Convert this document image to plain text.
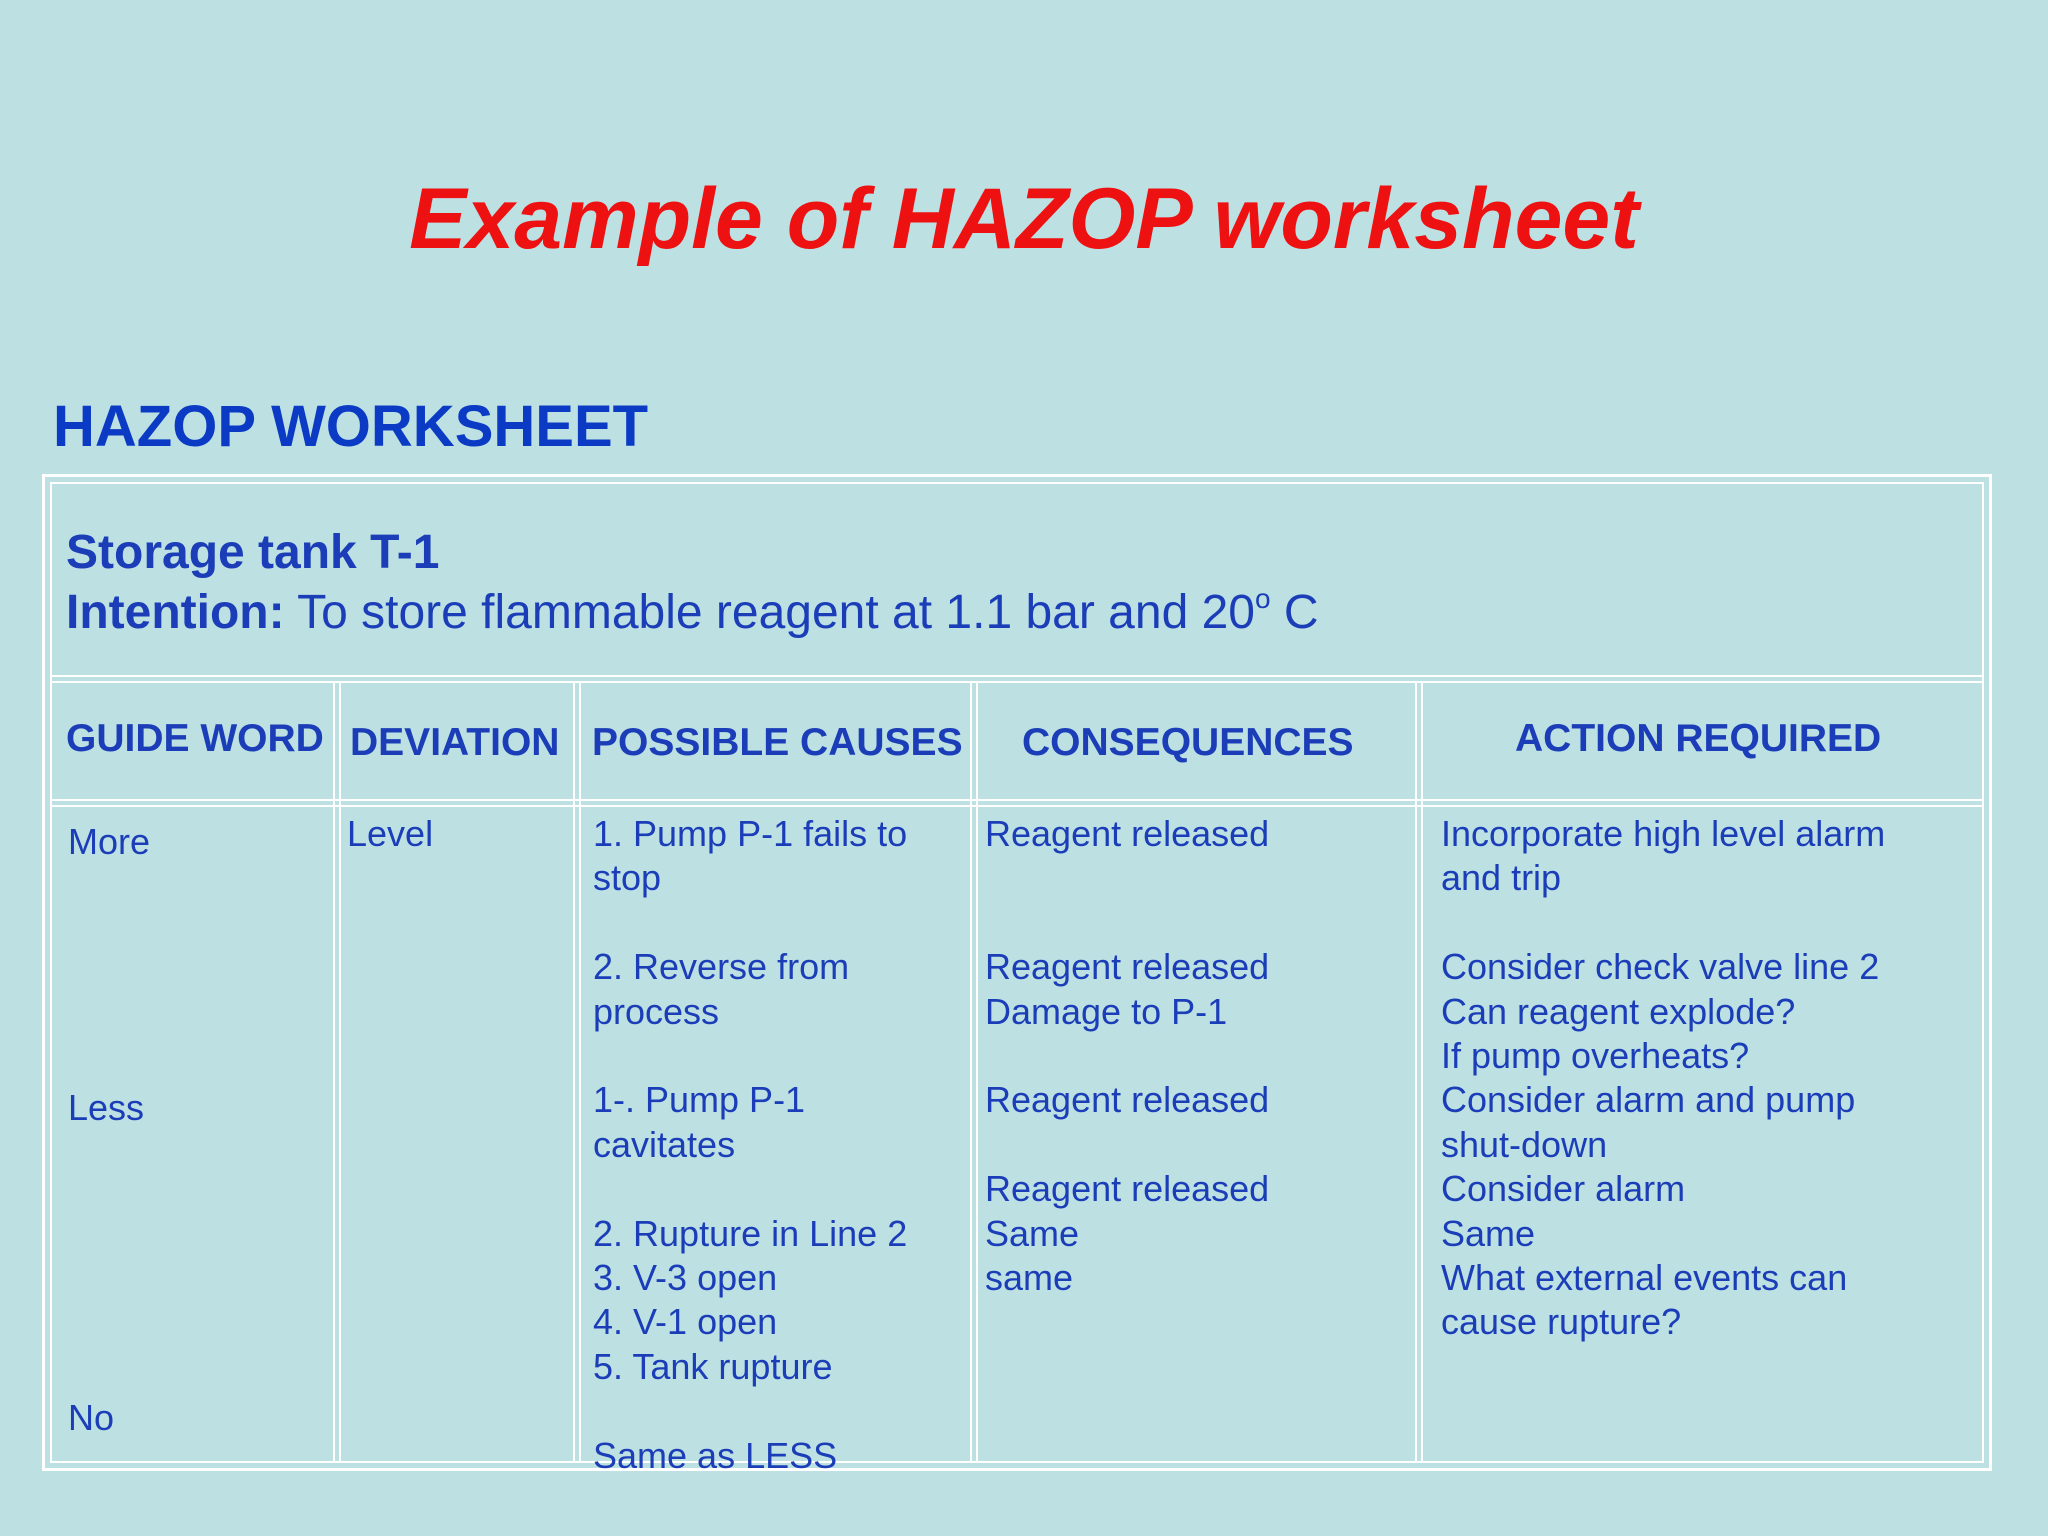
Example of HAZOP worksheet
HAZOP WORKSHEET

Storage tank T-1

Intention: To store flammable reagent at 1.1 bar and 20$^o$ C

GUIDE WORD DEVIATION POSSIBLE CAUSES CONSEQUENCES	ACTION REQUIRED

More

Less

No

Level	1. Pump P-1 fails to
stop

2. Reverse from
process

1-. Pump P-1
cavitates

2. Rupture in Line 2
3. V-3 open
4. V-1 open
5. Tank rupture

Same as LESS

Reagent released

Reagent released
Damage to P-1

Reagent released

Reagent released
Same
same

Incorporate high level alarm
and trip

Consider check valve line 2
Can reagent explode?
If pump overheats?
Consider alarm and pump
shut-down
Consider alarm
Same
What external events can
cause rupture?
